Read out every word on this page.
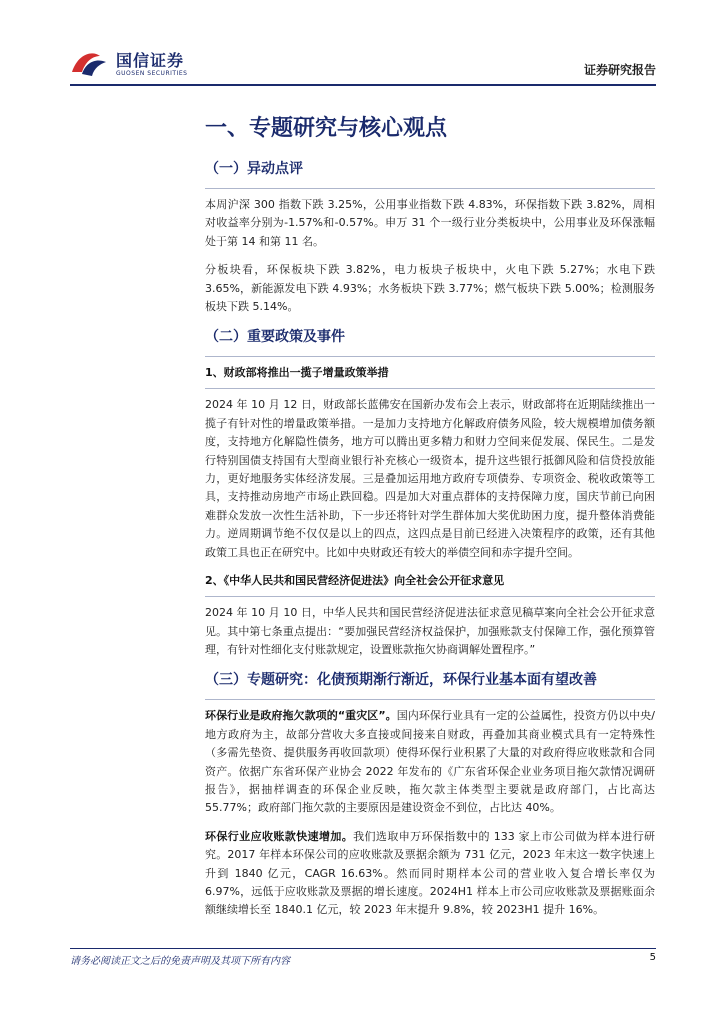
国信证券
GUOSEN SECURITIES	证券研究报告
一、专题研究与核心观点
（一）异动点评

本周沪深 300 指数下跌 3.25%，公用事业指数下跌 4.83%，环保指数下跌 3.82%，周相对收益率分别为-1.57%和-0.57%。申万 31 个一级行业分类板块中，公用事业及环保涨幅处于第 14 和第 11 名。

分板块看，环保板块下跌 3.82%，电力板块子板块中，火电下跌 5.27%；水电下跌 3.65%，新能源发电下跌 4.93%；水务板块下跌 3.77%；燃气板块下跌 5.00%；检测服务板块下跌 5.14%。

（二）重要政策及事件
1、财政部将推出一揽子增量政策举措

2024 年 10 月 12 日，财政部长蓝佛安在国新办发布会上表示，财政部将在近期陆续推出一揽子有针对性的增量政策举措。一是加力支持地方化解政府债务风险，较大规模增加债务额度，支持地方化解隐性债务，地方可以腾出更多精力和财力空间来促发展、保民生。二是发行特别国债支持国有大型商业银行补充核心一级资本，提升这些银行抵御风险和信贷投放能力，更好地服务实体经济发展。三是叠加运用地方政府专项债券、专项资金、税收政策等工具，支持推动房地产市场止跌回稳。四是加大对重点群体的支持保障力度，国庆节前已向困难群众发放一次性生活补助，下一步还将针对学生群体加大奖优助困力度，提升整体消费能力。逆周期调节绝不仅仅是以上的四点，这四点是目前已经进入决策程序的政策，还有其他政策工具也正在研究中。比如中央财政还有较大的举债空间和赤字提升空间。

2、《中华人民共和国民营经济促进法》向全社会公开征求意见

2024 年 10 月 10 日，中华人民共和国民营经济促进法征求意见稿草案向全社会公开征求意见。其中第七条重点提出：“要加强民营经济权益保护，加强账款支付保障工作，强化预算管理，有针对性细化支付账款规定，设置账款拖欠协商调解处置程序。”

（三）专题研究：化债预期渐行渐近，环保行业基本面有望改善

环保行业是政府拖欠款项的“重灾区”。国内环保行业具有一定的公益属性，投资方仍以中央/地方政府为主，故部分营收大多直接或间接来自财政，再叠加其商业模式具有一定特殊性（多需先垫资、提供服务再收回款项）使得环保行业积累了大量的对政府得应收账款和合同资产。依据广东省环保产业协会 2022 年发布的《广东省环保企业业务项目拖欠款情况调研报告》，据抽样调查的环保企业反映，拖欠款主体类型主要就是政府部门，占比高达 55.77%；政府部门拖欠款的主要原因是建设资金不到位，占比达 40%。

环保行业应收账款快速增加。我们选取申万环保指数中的 133 家上市公司做为样本进行研究。2017 年样本环保公司的应收账款及票据余额为 731 亿元，2023 年末这一数字快速上升到 1840 亿元，CAGR 16.63%。然而同时期样本公司的营业收入复合增长率仅为 6.97%，远低于应收账款及票据的增长速度。2024H1 样本上市公司应收账款及票据账面余额继续增长至 1840.1 亿元，较 2023 年末提升 9.8%，较 2023H1 提升 16%。

请务必阅读正文之后的免责声明及其项下所有内容	5
